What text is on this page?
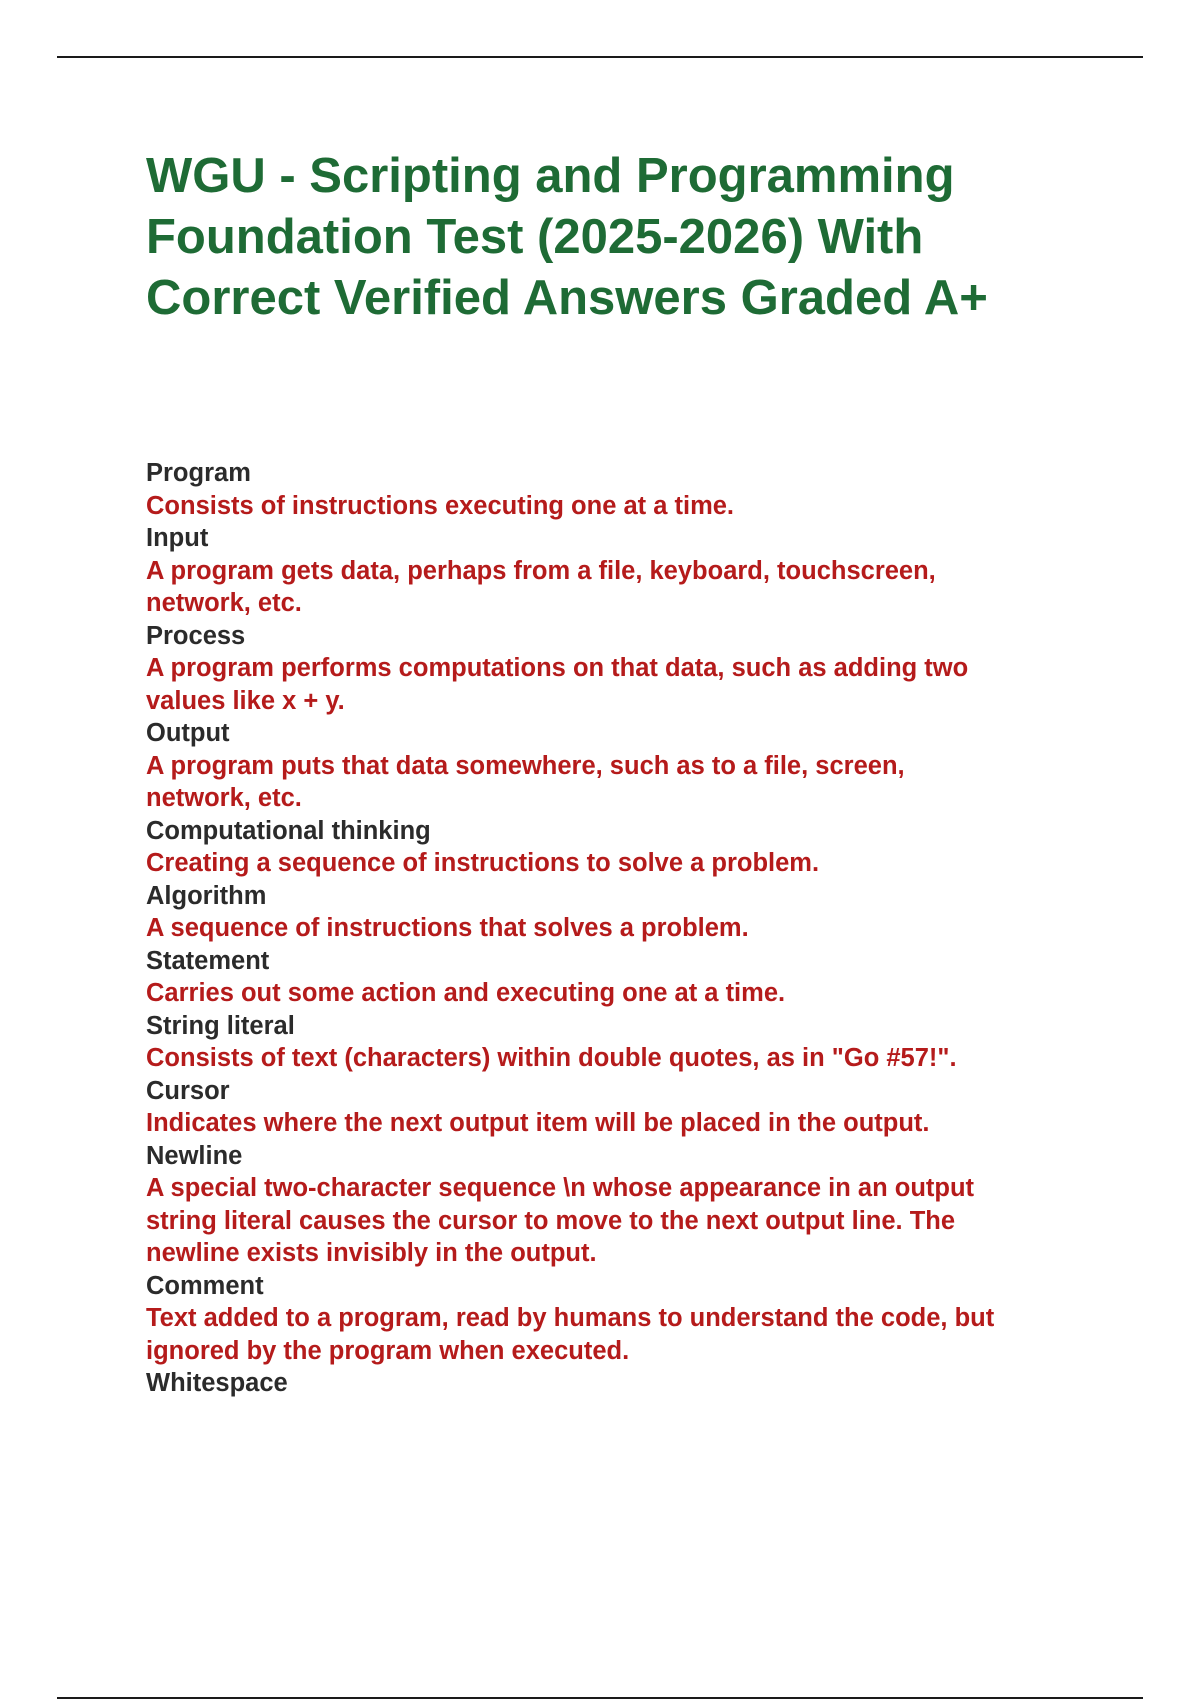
WGU - Scripting and Programming
Foundation Test (2025-2026) With
Correct Verified Answers Graded A+
Program
Consists of instructions executing one at a time.
Input
A program gets data, perhaps from a file, keyboard, touchscreen,
network, etc.
Process
A program performs computations on that data, such as adding two
values like x + y.
Output
A program puts that data somewhere, such as to a file, screen,
network, etc.
Computational thinking
Creating a sequence of instructions to solve a problem.
Algorithm
A sequence of instructions that solves a problem.
Statement
Carries out some action and executing one at a time.
String literal
Consists of text (characters) within double quotes, as in "Go #57!".
Cursor
Indicates where the next output item will be placed in the output.
Newline
A special two-character sequence \n whose appearance in an output
string literal causes the cursor to move to the next output line. The
newline exists invisibly in the output.
Comment
Text added to a program, read by humans to understand the code, but
ignored by the program when executed.
Whitespace
